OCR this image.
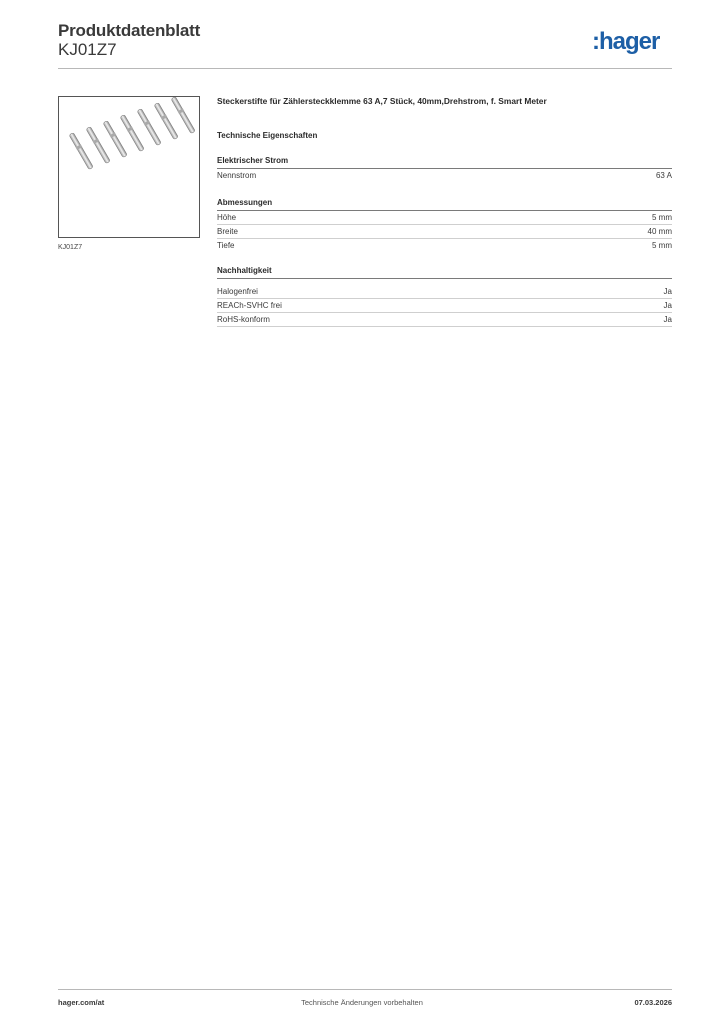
Produktdatenblatt
KJ01Z7	:hager
KJ01Z7

Steckerstifte für Zählersteckklemme 63 A,7 Stück, 40mm,Drehstrom, f. Smart Meter

Technische Eigenschaften
Elektrischer Strom
Nennstrom	63 A
Abmessungen
Höhe	5 mm
Breite	40 mm
Tiefe	5 mm
Nachhaltigkeit
Halogenfrei	Ja
REACh-SVHC frei	Ja
RoHS-konform	Ja
hager.com/at	Technische Änderungen vorbehalten	07.03.2026
